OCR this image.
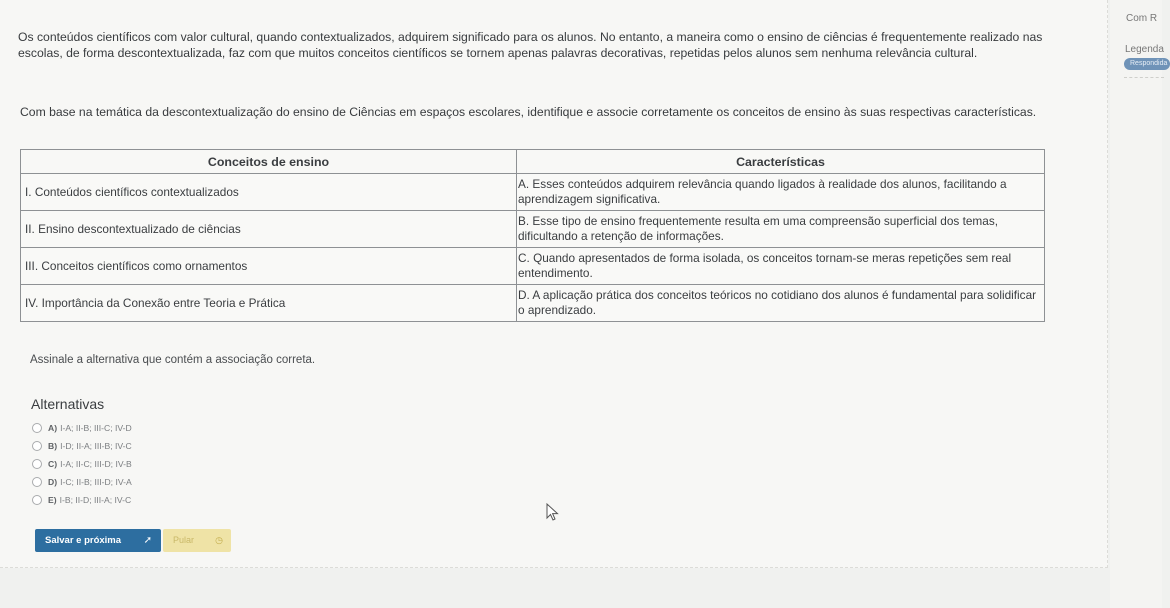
Os conteúdos científicos com valor cultural, quando contextualizados, adquirem significado para os alunos. No entanto, a maneira como o ensino de ciências é frequentemente realizado nas escolas, de forma descontextualizada, faz com que muitos conceitos científicos se tornem apenas palavras decorativas, repetidas pelos alunos sem nenhuma relevância cultural.

Com base na temática da descontextualização do ensino de Ciências em espaços escolares, identifique e associe corretamente os conceitos de ensino às suas respectivas características.

Conceitos de ensino	Características
I. Conteúdos científicos contextualizados	A. Esses conteúdos adquirem relevância quando ligados à realidade dos alunos, facilitando a aprendizagem significativa.
II. Ensino descontextualizado de ciências	B. Esse tipo de ensino frequentemente resulta em uma compreensão superficial dos temas, dificultando a retenção de informações.
III. Conceitos científicos como ornamentos	C. Quando apresentados de forma isolada, os conceitos tornam-se meras repetições sem real entendimento.
IV. Importância da Conexão entre Teoria e Prática	D. A aplicação prática dos conceitos teóricos no cotidiano dos alunos é fundamental para solidificar o aprendizado.

Assinale a alternativa que contém a associação correta.

Alternativas
A) I-A; II-B; III-C; IV-D
B) I-D; II-A; III-B; IV-C
C) I-A; II-C; III-D; IV-B
D) I-C; II-B; III-D; IV-A
E) I-B; II-D; III-A; IV-C
Salvar e próxima ➚	Pular ◷
Com R
Legenda
Respondida
